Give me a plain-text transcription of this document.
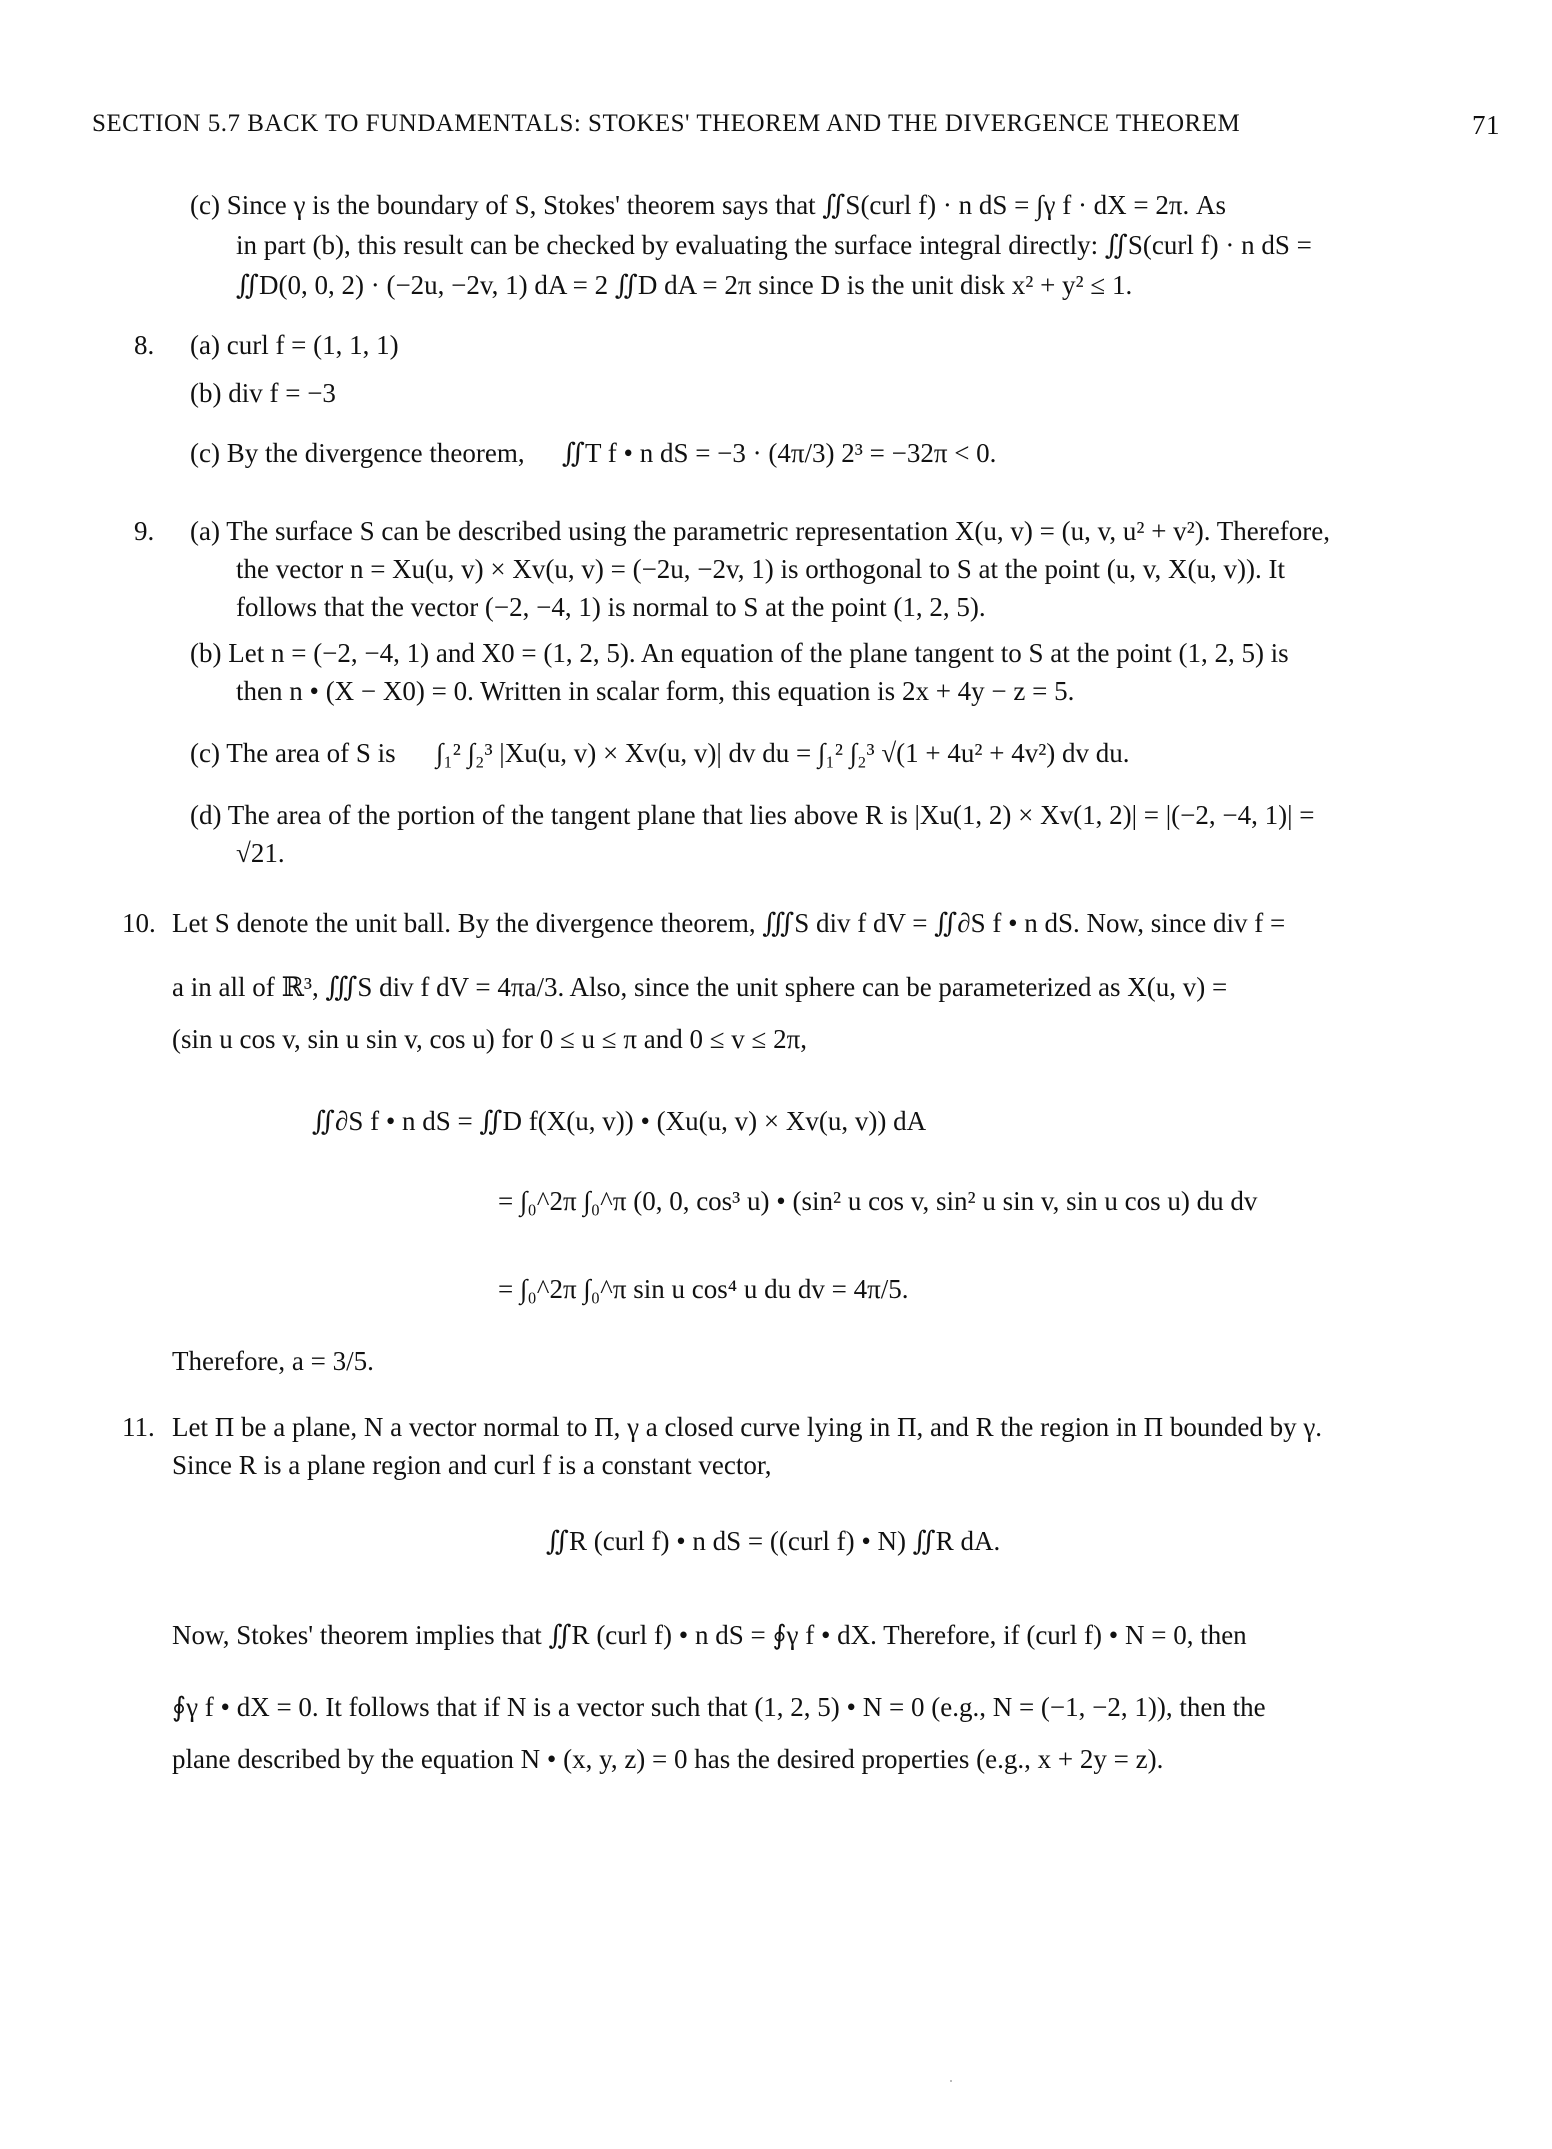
SECTION 5.7 BACK TO FUNDAMENTALS: STOKES' THEOREM AND THE DIVERGENCE THEOREM	71
(c) Since γ is the boundary of S, Stokes' theorem says that ∬S(curl f) · n dS = ∫γ f · dX = 2π. As
in part (b), this result can be checked by evaluating the surface integral directly: ∬S(curl f) · n dS =
∬D(0, 0, 2) · (−2u, −2v, 1) dA = 2 ∬D dA = 2π since D is the unit disk x² + y² ≤ 1.
8. (a) curl f = (1, 1, 1)
(b) div f = −3
(c) By the divergence theorem, ∬T f • n dS = −3 · (4π/3) 2³ = −32π < 0.
9. (a) The surface S can be described using the parametric representation X(u, v) = (u, v, u² + v²). Therefore,
the vector n = Xu(u, v) × Xv(u, v) = (−2u, −2v, 1) is orthogonal to S at the point (u, v, X(u, v)). It
follows that the vector (−2, −4, 1) is normal to S at the point (1, 2, 5).
(b) Let n = (−2, −4, 1) and X0 = (1, 2, 5). An equation of the plane tangent to S at the point (1, 2, 5) is
then n • (X − X0) = 0. Written in scalar form, this equation is 2x + 4y − z = 5.
(c) The area of S is ∫₁² ∫₂³ |Xu(u, v) × Xv(u, v)| dv du = ∫₁² ∫₂³ √(1 + 4u² + 4v²) dv du.
(d) The area of the portion of the tangent plane that lies above R is |Xu(1, 2) × Xv(1, 2)| = |(−2, −4, 1)| =
√21.
10. Let S denote the unit ball. By the divergence theorem, ∭S div f dV = ∬∂S f • n dS. Now, since div f =
a in all of ℝ³, ∭S div f dV = 4πa/3. Also, since the unit sphere can be parameterized as X(u, v) =
(sin u cos v, sin u sin v, cos u) for 0 ≤ u ≤ π and 0 ≤ v ≤ 2π,
∬∂S f • n dS = ∬D f(X(u, v)) • (Xu(u, v) × Xv(u, v)) dA
= ∫₀^2π ∫₀^π (0, 0, cos³ u) • (sin² u cos v, sin² u sin v, sin u cos u) du dv
= ∫₀^2π ∫₀^π sin u cos⁴ u du dv = 4π/5.
Therefore, a = 3/5.
11. Let Π be a plane, N a vector normal to Π, γ a closed curve lying in Π, and R the region in Π bounded by γ.
Since R is a plane region and curl f is a constant vector,
∬R (curl f) • n dS = ((curl f) • N) ∬R dA.
Now, Stokes' theorem implies that ∬R (curl f) • n dS = ∮γ f • dX. Therefore, if (curl f) • N = 0, then
∮γ f • dX = 0. It follows that if N is a vector such that (1, 2, 5) • N = 0 (e.g., N = (−1, −2, 1)), then the
plane described by the equation N • (x, y, z) = 0 has the desired properties (e.g., x + 2y = z).
